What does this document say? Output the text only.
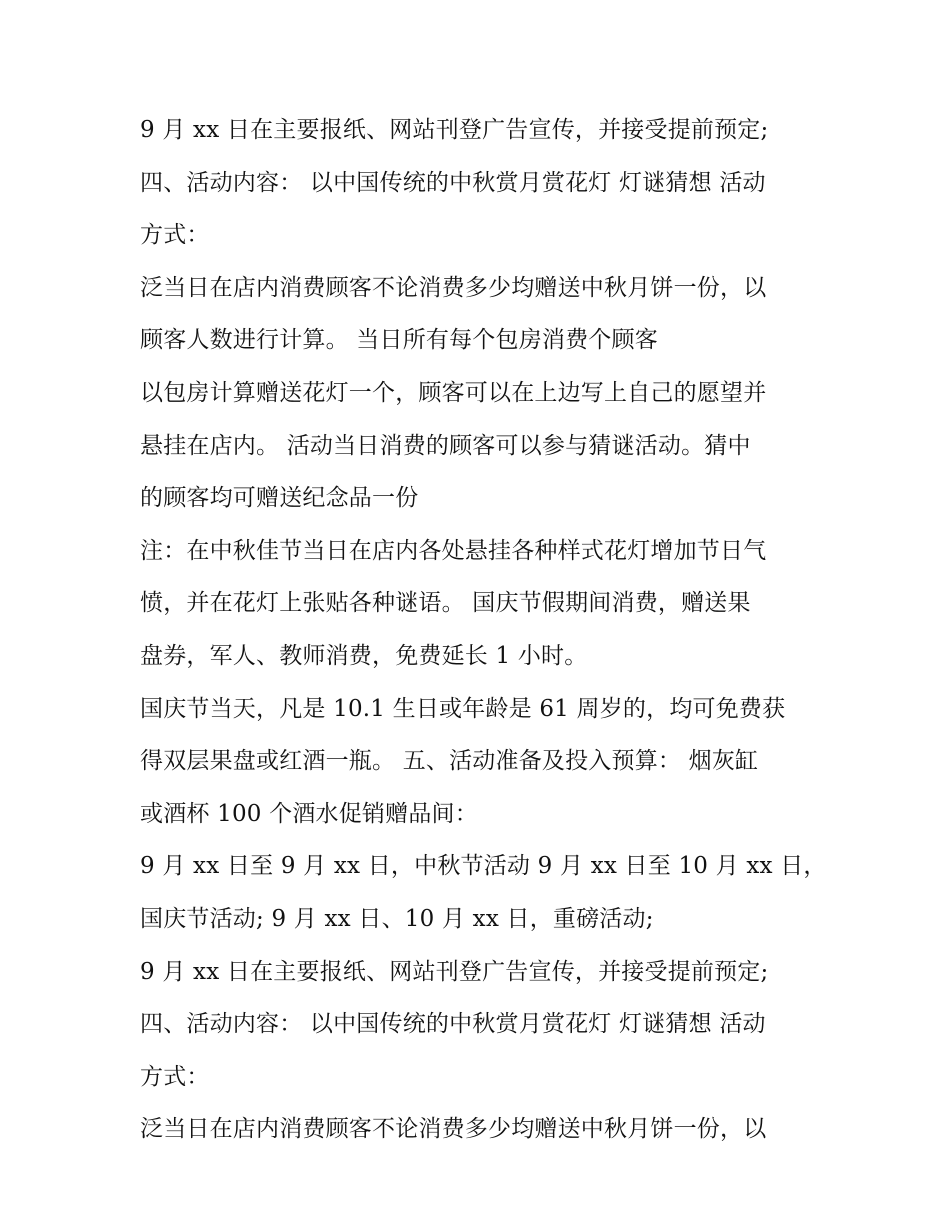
9 月 xx 日在主要报纸、网站刊登广告宣传，并接受提前预定;
四、活动内容： 以中国传统的中秋赏月赏花灯 灯谜猜想 活动
方式：
泛当日在店内消费顾客不论消费多少均赠送中秋月饼一份，以
顾客人数进行计算。 当日所有每个包房消费个顾客
以包房计算赠送花灯一个，顾客可以在上边写上自己的愿望并
悬挂在店内。 活动当日消费的顾客可以参与猜谜活动。猜中
的顾客均可赠送纪念品一份
注：在中秋佳节当日在店内各处悬挂各种样式花灯增加节日气
愤，并在花灯上张贴各种谜语。 国庆节假期间消费，赠送果
盘券，军人、教师消费，免费延长 1 小时。
国庆节当天，凡是 10.1 生日或年龄是 61 周岁的，均可免费获
得双层果盘或红酒一瓶。 五、活动准备及投入预算： 烟灰缸
或酒杯 100 个酒水促销赠品间：
9 月 xx 日至 9 月 xx 日，中秋节活动 9 月 xx 日至 10 月 xx 日，
国庆节活动; 9 月 xx 日、10 月 xx 日，重磅活动;
9 月 xx 日在主要报纸、网站刊登广告宣传，并接受提前预定;
四、活动内容： 以中国传统的中秋赏月赏花灯 灯谜猜想 活动
方式：
泛当日在店内消费顾客不论消费多少均赠送中秋月饼一份，以
